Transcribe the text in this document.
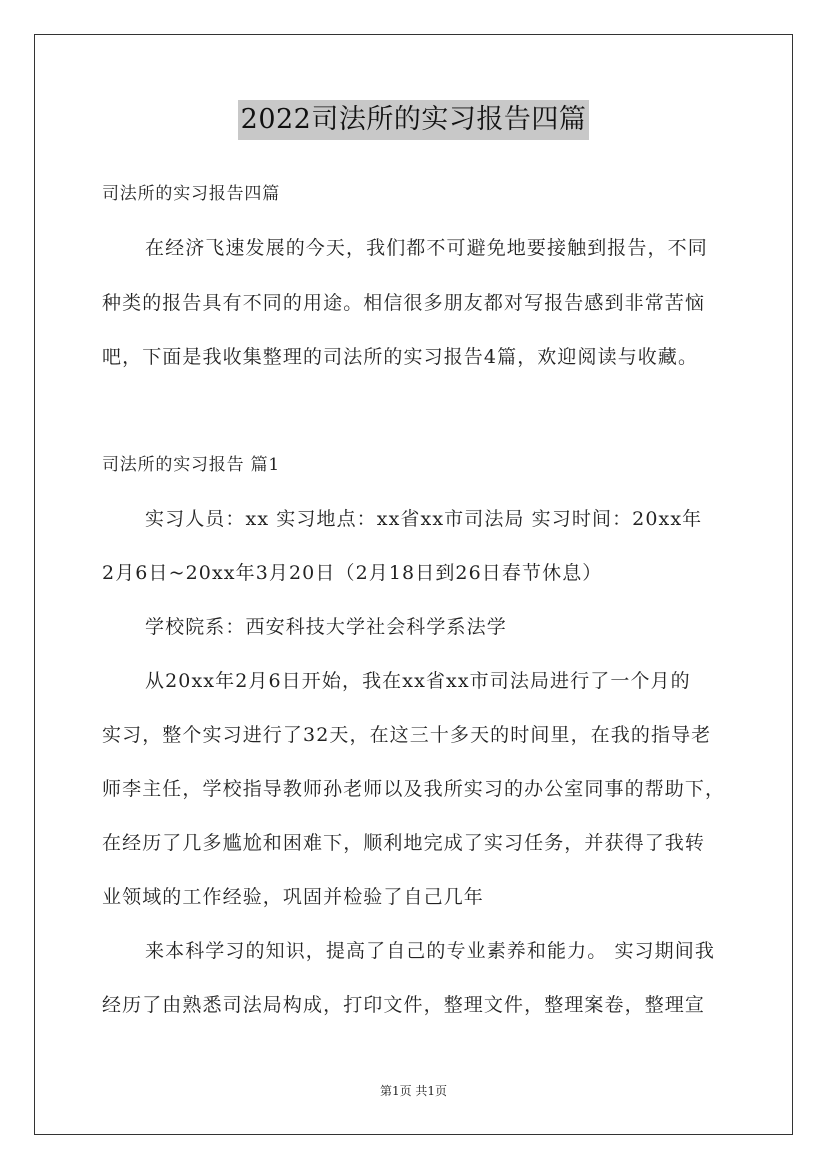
2022司法所的实习报告四篇
司法所的实习报告四篇
在经济飞速发展的今天，我们都不可避免地要接触到报告，不同
种类的报告具有不同的用途。相信很多朋友都对写报告感到非常苦恼
吧，下面是我收集整理的司法所的实习报告4篇，欢迎阅读与收藏。
司法所的实习报告 篇1
实习人员：xx 实习地点：xx省xx市司法局 实习时间：20xx年
2月6日~20xx年3月20日（2月18日到26日春节休息）
学校院系：西安科技大学社会科学系法学
从20xx年2月6日开始，我在xx省xx市司法局进行了一个月的
实习，整个实习进行了32天，在这三十多天的时间里，在我的指导老
师李主任，学校指导教师孙老师以及我所实习的办公室同事的帮助下，
在经历了几多尴尬和困难下，顺利地完成了实习任务，并获得了我转
业领域的工作经验，巩固并检验了自己几年
来本科学习的知识，提高了自己的专业素养和能力。 实习期间我
经历了由熟悉司法局构成，打印文件，整理文件，整理案卷，整理宣
第1页 共1页
